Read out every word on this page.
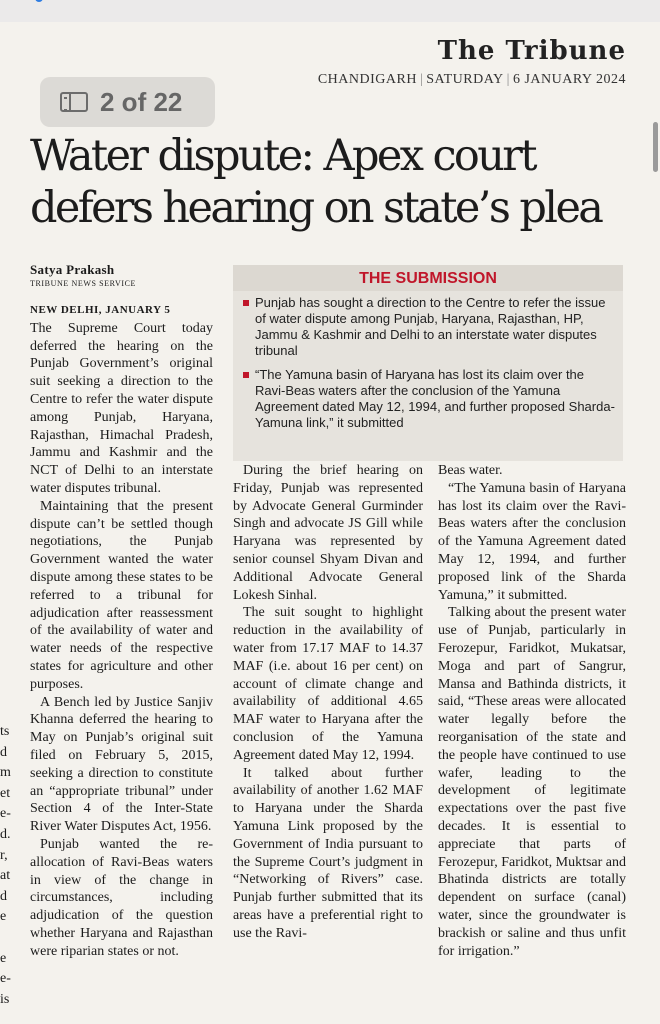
The Tribune
CHANDIGARH | SATURDAY | 6 JANUARY 2024
2 of 22
Water dispute: Apex court defers hearing on state’s plea
Satya Prakash
TRIBUNE NEWS SERVICE	THE SUBMISSION
Punjab has sought a direction to the Centre to refer the issue of water dispute among Punjab, Haryana, Rajasthan, HP, Jammu & Kashmir and Delhi to an interstate water disputes tribunal
“The Yamuna basin of Haryana has lost its claim over the Ravi-Beas waters after the conclusion of the Yamuna Agreement dated May 12, 1994, and further proposed Sharda-Yamuna link,” it submitted
NEW DELHI, JANUARY 5

The Supreme Court today deferred the hearing on the Punjab Government’s original suit seeking a direction to the Centre to refer the water dispute among Punjab, Haryana, Rajasthan, Himachal Pradesh, Jammu and Kashmir and the NCT of Delhi to an interstate water disputes tribunal.

Maintaining that the present dispute can’t be settled though negotiations, the Punjab Government wanted the water dispute among these states to be referred to a tribunal for adjudication after reassessment of the availability of water and water needs of the respective states for agriculture and other purposes.

A Bench led by Justice Sanjiv Khanna deferred the hearing to May on Punjab’s original suit filed on February 5, 2015, seeking a direction to constitute an “appropriate tribunal” under Section 4 of the Inter-State River Water Disputes Act, 1956.

Punjab wanted the re-allocation of Ravi-Beas waters in view of the change in circumstances, including adjudication of the question whether Haryana and Rajasthan were riparian states or not.

During the brief hearing on Friday, Punjab was represented by Advocate General Gurminder Singh and advocate JS Gill while Haryana was represented by senior counsel Shyam Divan and Additional Advocate General Lokesh Sinhal.

The suit sought to highlight reduction in the availability of water from 17.17 MAF to 14.37 MAF (i.e. about 16 per cent) on account of climate change and availability of additional 4.65 MAF water to Haryana after the conclusion of the Yamuna Agreement dated May 12, 1994.

It talked about further availability of another 1.62 MAF to Haryana under the Sharda Yamuna Link proposed by the Government of India pursuant to the Supreme Court’s judgment in “Networking of Rivers” case. Punjab further submitted that its areas have a preferential right to use the Ravi-

Beas water.

“The Yamuna basin of Haryana has lost its claim over the Ravi-Beas waters after the conclusion of the Yamuna Agreement dated May 12, 1994, and further proposed link of the Sharda Yamuna,” it submitted.

Talking about the present water use of Punjab, particularly in Ferozepur, Faridkot, Mukatsar, Moga and part of Sangrur, Mansa and Bathinda districts, it said, “These areas were allocated water legally before the reorganisation of the state and the people have continued to use wafer, leading to the development of legitimate expectations over the past five decades. It is essential to appreciate that parts of Ferozepur, Faridkot, Muktsar and Bhatinda districts are totally dependent on surface (canal) water, since the groundwater is brackish or saline and thus unfit for irrigation.”

ts
d
m
et
e-
d.
r,
at
d
e
e
e-
is
